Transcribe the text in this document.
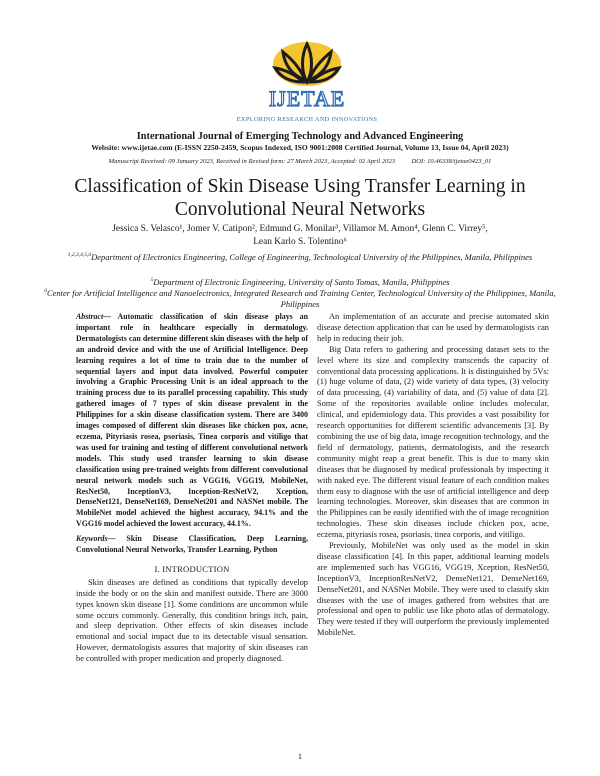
IJETAE
EXPLORING RESEARCH AND INNOVATIONS
International Journal of Emerging Technology and Advanced Engineering
Website: www.ijetae.com (E-ISSN 2250-2459, Scopus Indexed, ISO 9001:2008 Certified Journal, Volume 13, Issue 04, April 2023)
Manuscript Received: 09 January 2023, Received in Revised form: 27 March 2023, Accepted: 02 April 2023          DOI: 10.46338/ijetae0423_01
Classification of Skin Disease Using Transfer Learning in Convolutional Neural Networks
Jessica S. Velasco¹, Jomer V. Catipon², Edmund G. Monilar³, Villamor M. Amon⁴, Glenn C. Virrey⁵,
Lean Karlo S. Tolentino⁶
$^{1,2,3,4,5,6}$Department of Electronics Engineering, College of Engineering, Technological University of the Philippines, Manila, Philippines
$^5$Department of Electronic Engineering, University of Santo Tomas, Manila, Philippines
$^6$Center for Artificial Intelligence and Nanoelectronics, Integrated Research and Training Center, Technological University of the Philippines, Manila, Philippines

Abstract— Automatic classification of skin disease plays an important role in healthcare especially in dermatology. Dermatologists can determine different skin diseases with the help of an android device and with the use of Artificial Intelligence. Deep learning requires a lot of time to train due to the number of sequential layers and input data involved. Powerful computer involving a Graphic Processing Unit is an ideal approach to the training process due to its parallel processing capability. This study gathered images of 7 types of skin disease prevalent in the Philippines for a skin disease classification system. There are 3400 images composed of different skin diseases like chicken pox, acne, eczema, Pityriasis rosea, psoriasis, Tinea corporis and vitiligo that was used for training and testing of different convolutional network models. This study used transfer learning to skin disease classification using pre-trained weights from different convolutional neural network models such as VGG16, VGG19, MobileNet, ResNet50, InceptionV3, Inception-ResNetV2, Xception, DenseNet121, DenseNet169, DenseNet201 and NASNet mobile. The MobileNet model achieved the highest accuracy, 94.1% and the VGG16 model achieved the lowest accuracy, 44.1%.

Keywords— Skin Disease Classification, Deep Learning, Convolutional Neural Networks, Transfer Learning, Python

I. INTRODUCTION

Skin diseases are defined as conditions that typically develop inside the body or on the skin and manifest outside. There are 3000 types known skin disease [1]. Some conditions are uncommon while some occurs commonly. Generally, this condition brings itch, pain, and sleep deprivation. Other effects of skin diseases include emotional and social impact due to its detectable visual sensation. However, dermatologists assures that majority of skin diseases can be controlled with proper medication and properly diagnosed.

An implementation of an accurate and precise automated skin disease detection application that can be used by dermatologists can help in reducing their job.

Big Data refers to gathering and processing dataset sets to the level where its size and complexity transcends the capacity of conventional data processing applications. It is distinguished by 5Vs: (1) huge volume of data, (2) wide variety of data types, (3) velocity of data processing, (4) variability of data, and (5) value of data [2]. Some of the repositories available online includes molecular, clinical, and epidemiology data. This provides a vast possibility for research opportunities for different scientific advancements [3]. By combining the use of big data, image recognition technology, and the field of dermatology, patients, dermatologists, and the research community might reap a great benefit. This is due to many skin diseases that be diagnosed by medical professionals by inspecting it with naked eye. The different visual feature of each condition makes them easy to diagnose with the use of artificial intelligence and deep learning technologies. Moreover, skin diseases that are common in the Philippines can be easily identified with the of image recognition technologies. These skin diseases include chicken pox, acne, eczema, pityriasis rosea, psoriasis, tinea corporis, and vitiligo.

Previously, MobileNet was only used as the model in skin disease classification [4]. In this paper, additional learning models are implemented such has VGG16, VGG19, Xception, ResNet50, InceptionV3, InceptionResNetV2, DenseNet121, DenseNet169, DenseNet201, and NASNet Mobile. They were used to classify skin diseases with the use of images gathered from websites that are professional and open to public use like photo atlas of dermatology. They were tested if they will outperform the previously implemented MobileNet.

1
